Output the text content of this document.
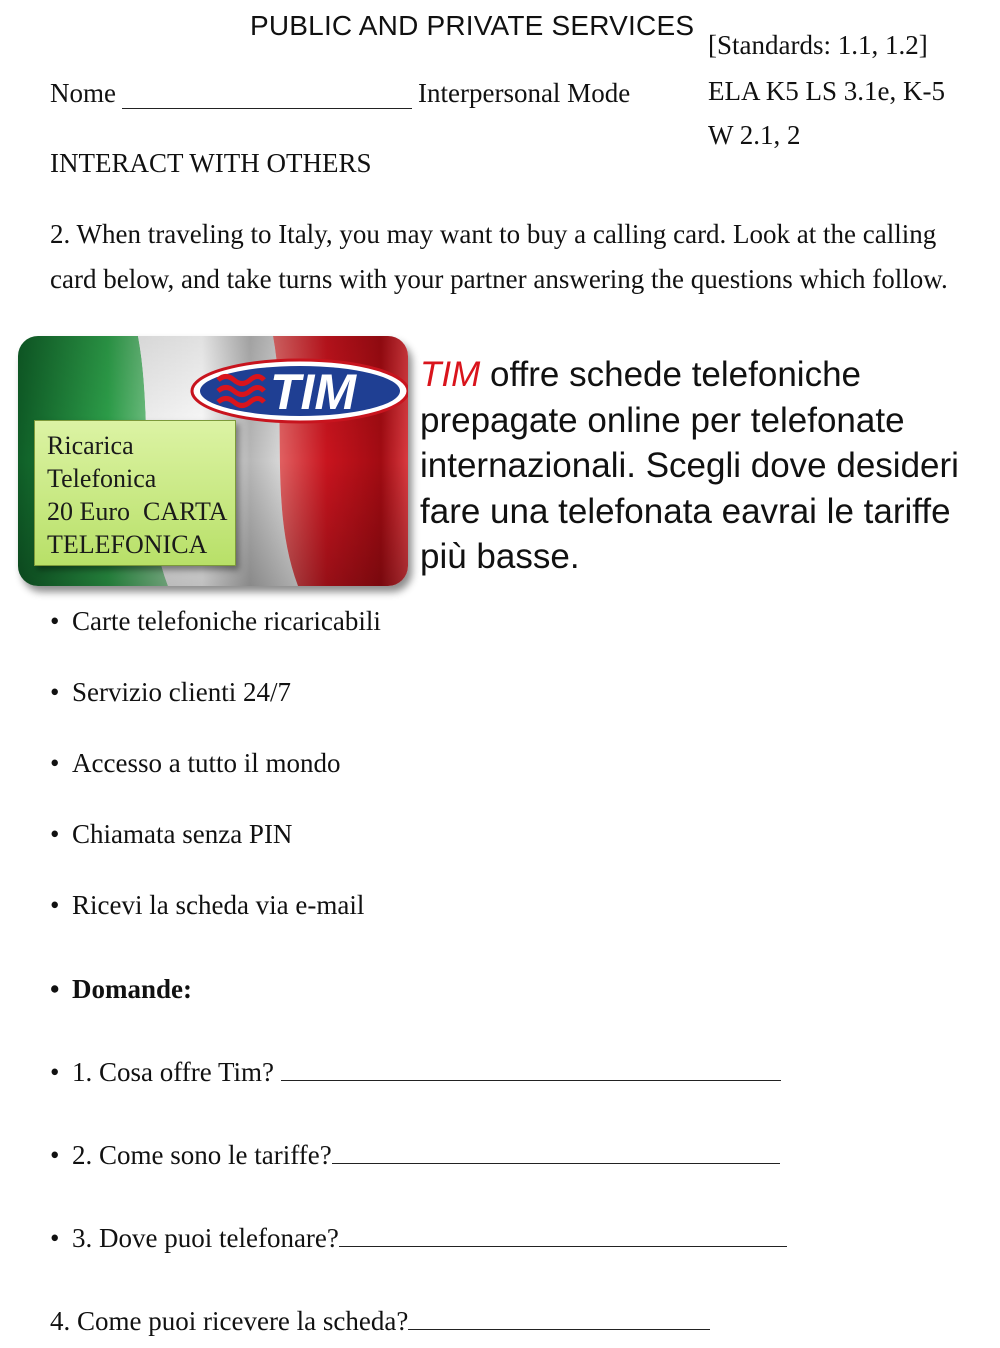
PUBLIC AND PRIVATE SERVICES
[Standards: 1.1, 1.2]
ELA K5 LS 3.1e, K-5
W 2.1, 2
Nome	Interpersonal Mode
INTERACT WITH OTHERS
2. When traveling to Italy, you may want to buy a calling card. Look at the calling card below, and take turns with your partner answering the questions which follow.
TIM
Ricarica
Telefonica
20 Euro  CARTA
TELEFONICA
TIM offre schede telefoniche prepagate online per telefonate internazionali. Scegli dove desideri fare una telefonata eavrai le tariffe più basse.
• Carte telefoniche ricaricabili
• Servizio clienti 24/7
• Accesso a tutto il mondo
• Chiamata senza PIN
• Ricevi la scheda via e-mail
• Domande:
• 1. Cosa offre Tim?
• 2. Come sono le tariffe?
• 3. Dove puoi telefonare?
4. Come puoi ricevere la scheda?
